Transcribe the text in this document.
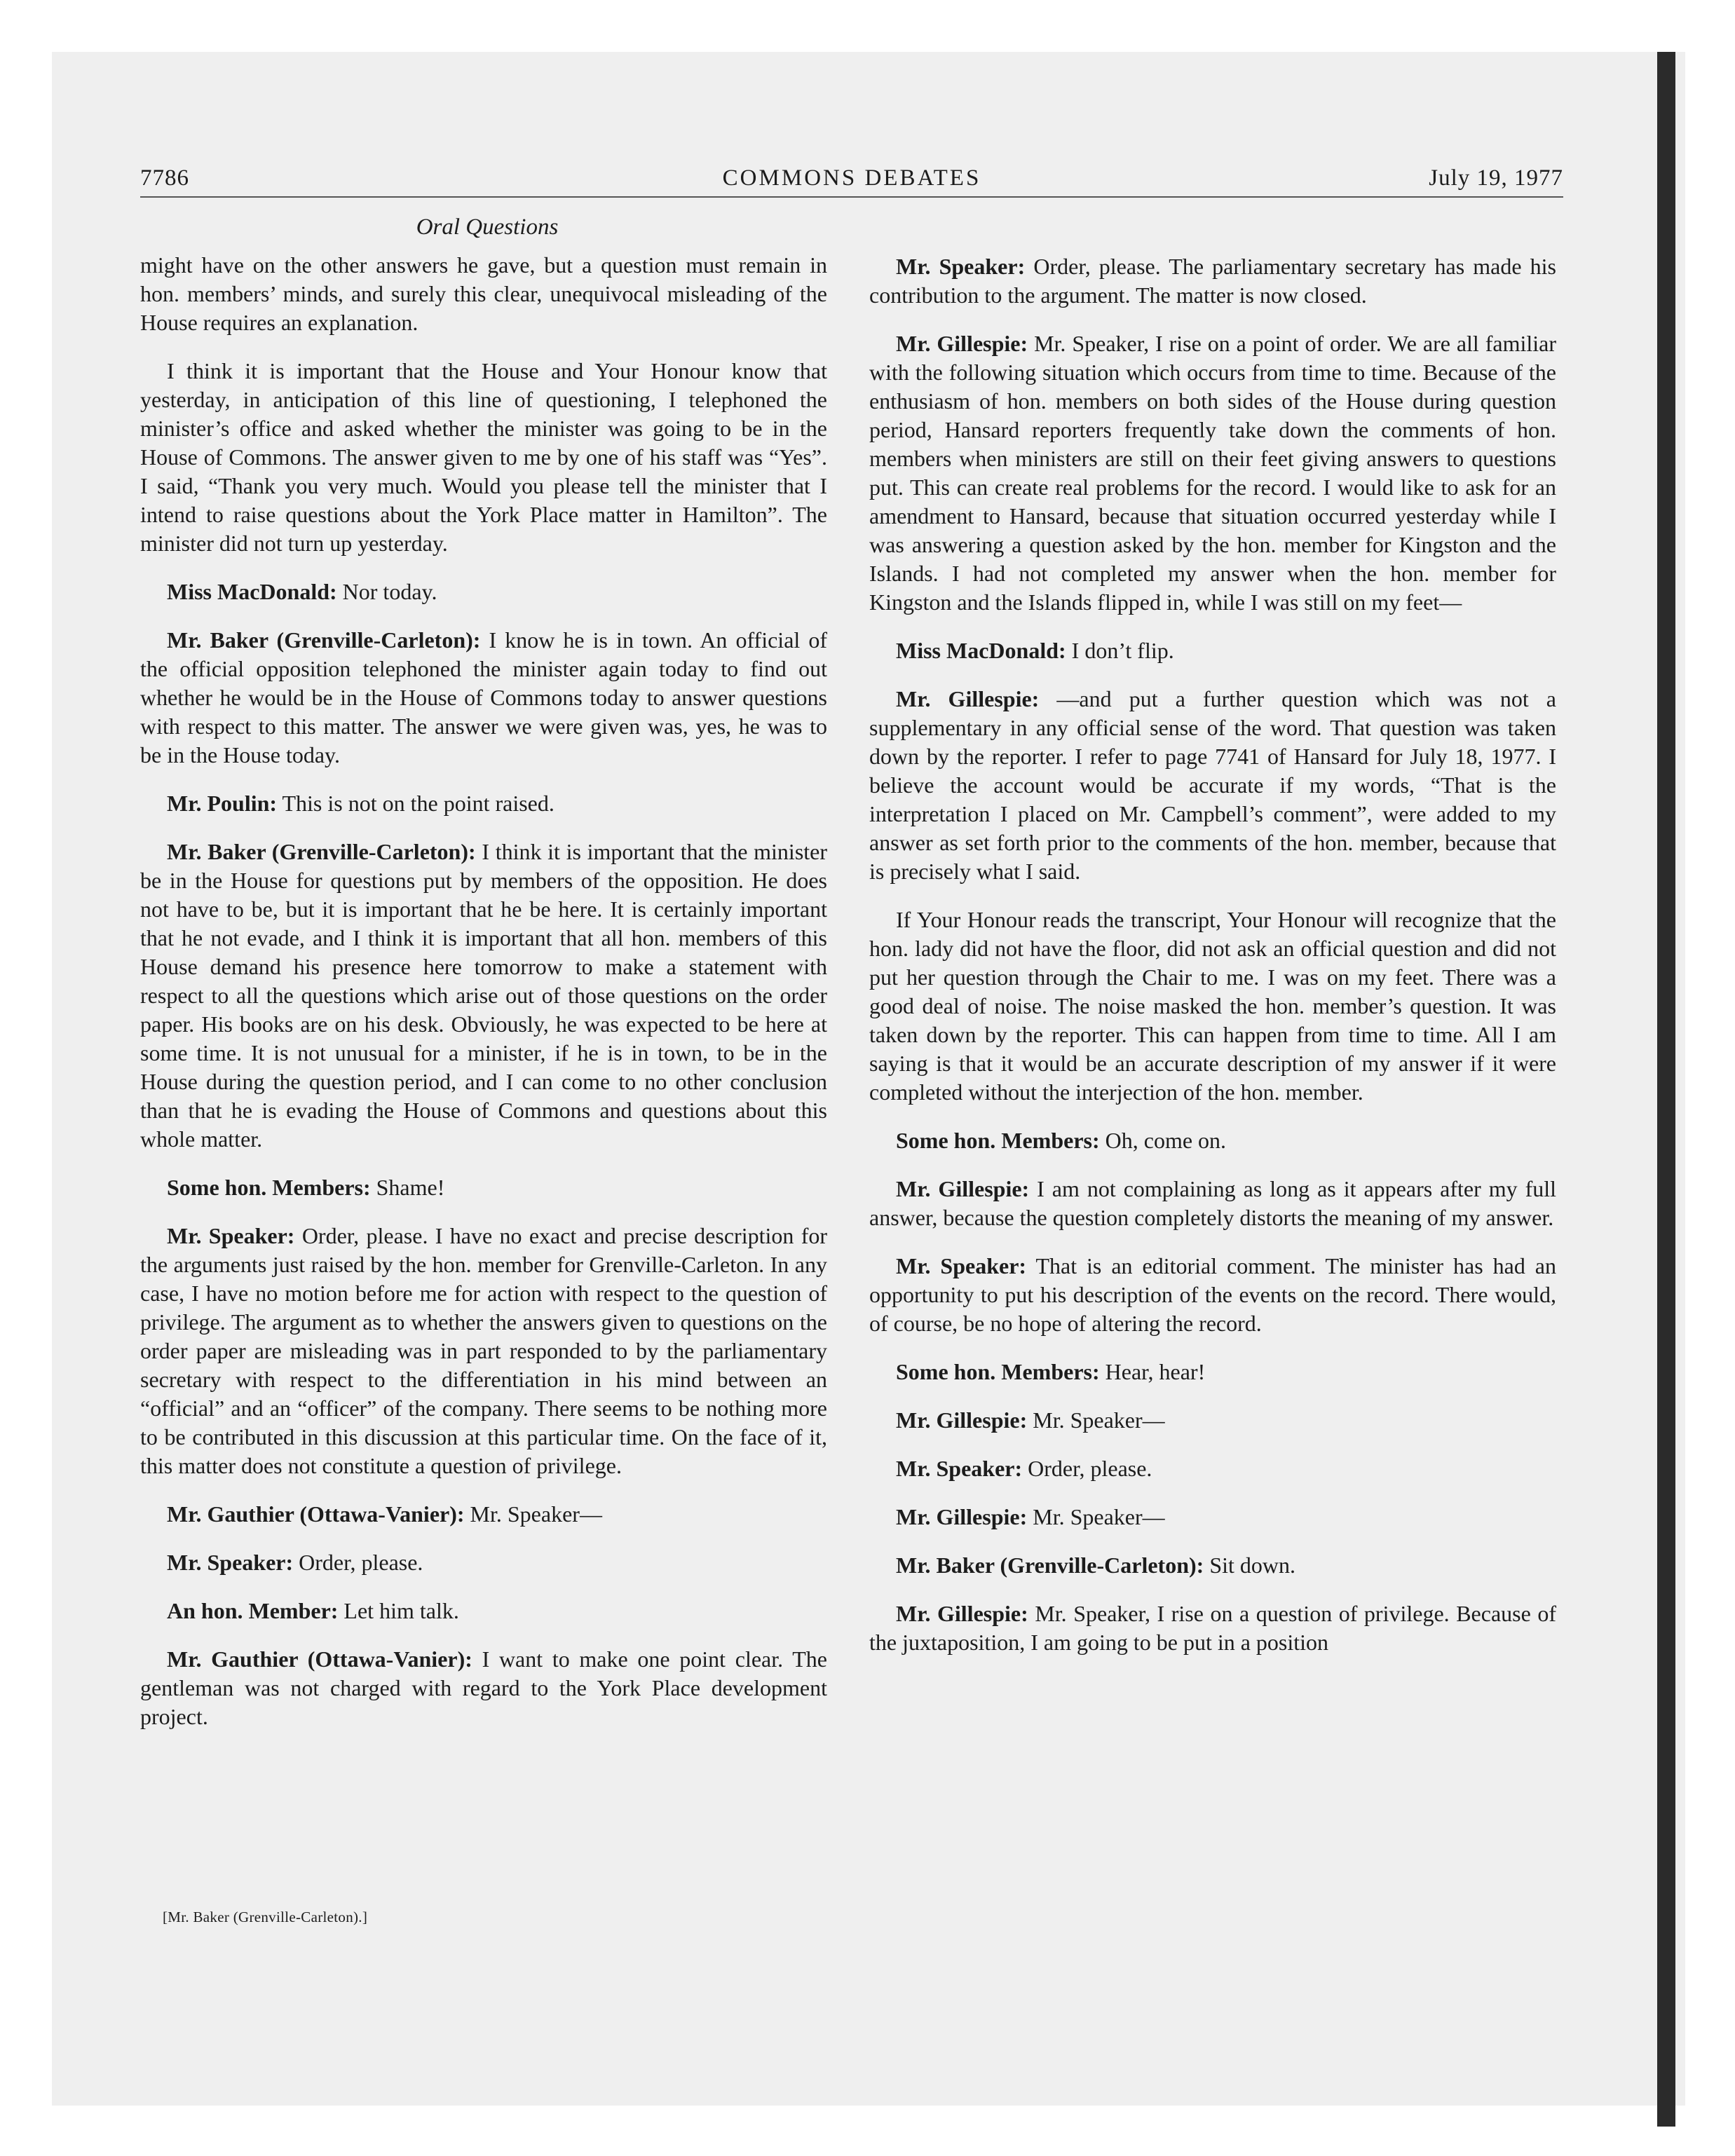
7786	COMMONS DEBATES	July 19, 1977
Oral Questions

might have on the other answers he gave, but a question must remain in hon. members’ minds, and surely this clear, unequivocal misleading of the House requires an explanation.

I think it is important that the House and Your Honour know that yesterday, in anticipation of this line of questioning, I telephoned the minister’s office and asked whether the minister was going to be in the House of Commons. The answer given to me by one of his staff was “Yes”. I said, “Thank you very much. Would you please tell the minister that I intend to raise questions about the York Place matter in Hamilton”. The minister did not turn up yesterday.

Miss MacDonald: Nor today.

Mr. Baker (Grenville-Carleton): I know he is in town. An official of the official opposition telephoned the minister again today to find out whether he would be in the House of Commons today to answer questions with respect to this matter. The answer we were given was, yes, he was to be in the House today.

Mr. Poulin: This is not on the point raised.

Mr. Baker (Grenville-Carleton): I think it is important that the minister be in the House for questions put by members of the opposition. He does not have to be, but it is important that he be here. It is certainly important that he not evade, and I think it is important that all hon. members of this House demand his presence here tomorrow to make a statement with respect to all the questions which arise out of those questions on the order paper. His books are on his desk. Obviously, he was expected to be here at some time. It is not unusual for a minister, if he is in town, to be in the House during the question period, and I can come to no other conclusion than that he is evading the House of Commons and questions about this whole matter.

Some hon. Members: Shame!

Mr. Speaker: Order, please. I have no exact and precise description for the arguments just raised by the hon. member for Grenville-Carleton. In any case, I have no motion before me for action with respect to the question of privilege. The argument as to whether the answers given to questions on the order paper are misleading was in part responded to by the parliamentary secretary with respect to the differentiation in his mind between an “official” and an “officer” of the company. There seems to be nothing more to be contributed in this discussion at this particular time. On the face of it, this matter does not constitute a question of privilege.

Mr. Gauthier (Ottawa-Vanier): Mr. Speaker—

Mr. Speaker: Order, please.

An hon. Member: Let him talk.

Mr. Gauthier (Ottawa-Vanier): I want to make one point clear. The gentleman was not charged with regard to the York Place development project.

[Mr. Baker (Grenville-Carleton).]

Mr. Speaker: Order, please. The parliamentary secretary has made his contribution to the argument. The matter is now closed.

Mr. Gillespie: Mr. Speaker, I rise on a point of order. We are all familiar with the following situation which occurs from time to time. Because of the enthusiasm of hon. members on both sides of the House during question period, Hansard reporters frequently take down the comments of hon. members when ministers are still on their feet giving answers to questions put. This can create real problems for the record. I would like to ask for an amendment to Hansard, because that situation occurred yesterday while I was answering a question asked by the hon. member for Kingston and the Islands. I had not completed my answer when the hon. member for Kingston and the Islands flipped in, while I was still on my feet—

Miss MacDonald: I don’t flip.

Mr. Gillespie: —and put a further question which was not a supplementary in any official sense of the word. That question was taken down by the reporter. I refer to page 7741 of Hansard for July 18, 1977. I believe the account would be accurate if my words, “That is the interpretation I placed on Mr. Campbell’s comment”, were added to my answer as set forth prior to the comments of the hon. member, because that is precisely what I said.

If Your Honour reads the transcript, Your Honour will recognize that the hon. lady did not have the floor, did not ask an official question and did not put her question through the Chair to me. I was on my feet. There was a good deal of noise. The noise masked the hon. member’s question. It was taken down by the reporter. This can happen from time to time. All I am saying is that it would be an accurate description of my answer if it were completed without the interjection of the hon. member.

Some hon. Members: Oh, come on.

Mr. Gillespie: I am not complaining as long as it appears after my full answer, because the question completely distorts the meaning of my answer.

Mr. Speaker: That is an editorial comment. The minister has had an opportunity to put his description of the events on the record. There would, of course, be no hope of altering the record.

Some hon. Members: Hear, hear!

Mr. Gillespie: Mr. Speaker—

Mr. Speaker: Order, please.

Mr. Gillespie: Mr. Speaker—

Mr. Baker (Grenville-Carleton): Sit down.

Mr. Gillespie: Mr. Speaker, I rise on a question of privilege. Because of the juxtaposition, I am going to be put in a position
